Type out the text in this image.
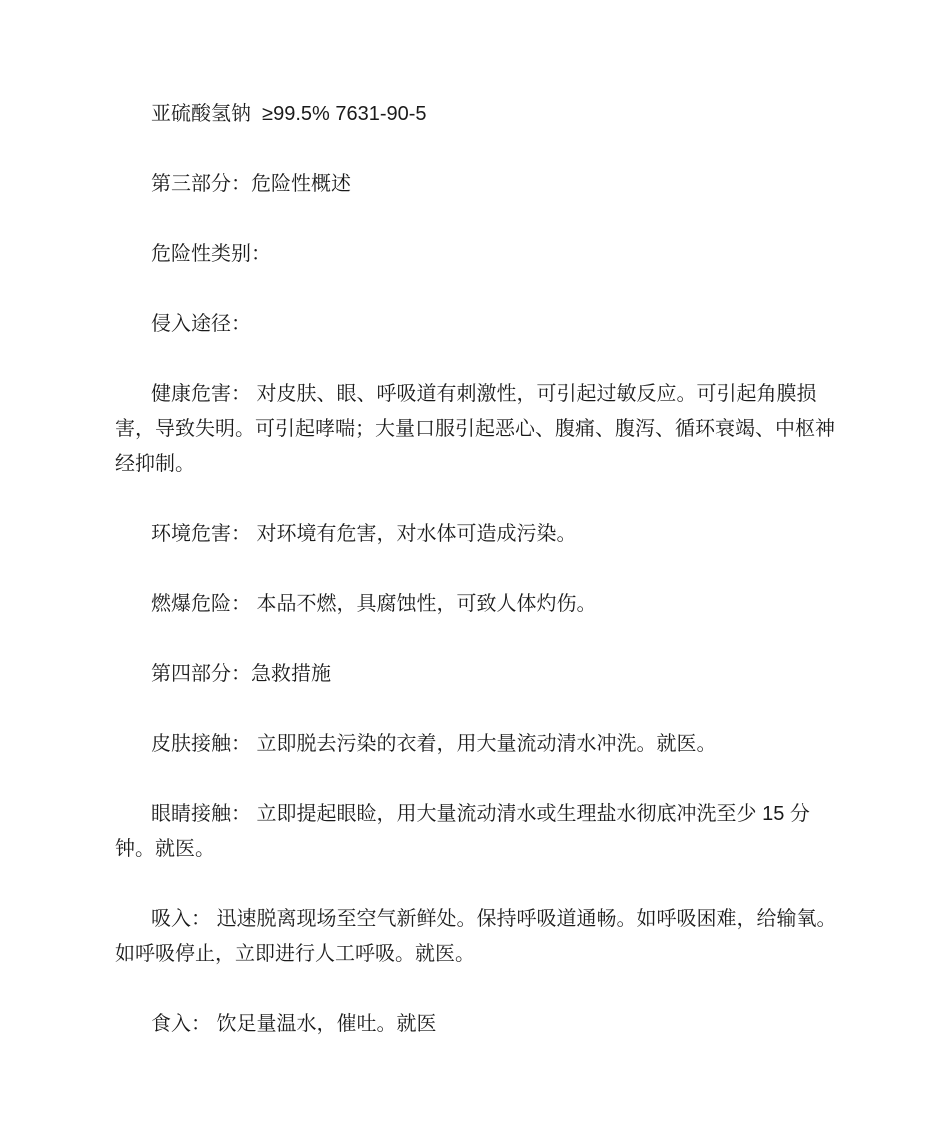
亚硫酸氢钠  ≥99.5% 7631-90-5

第三部分：危险性概述

危险性类别：

侵入途径：

健康危害： 对皮肤、眼、呼吸道有刺激性，可引起过敏反应。可引起角膜损害，导致失明。可引起哮喘；大量口服引起恶心、腹痛、腹泻、循环衰竭、中枢神经抑制。

环境危害： 对环境有危害，对水体可造成污染。

燃爆危险： 本品不燃，具腐蚀性，可致人体灼伤。

第四部分：急救措施

皮肤接触： 立即脱去污染的衣着，用大量流动清水冲洗。就医。

眼睛接触： 立即提起眼睑，用大量流动清水或生理盐水彻底冲洗至少 15 分钟。就医。

吸入： 迅速脱离现场至空气新鲜处。保持呼吸道通畅。如呼吸困难，给输氧。如呼吸停止，立即进行人工呼吸。就医。

食入： 饮足量温水，催吐。就医
